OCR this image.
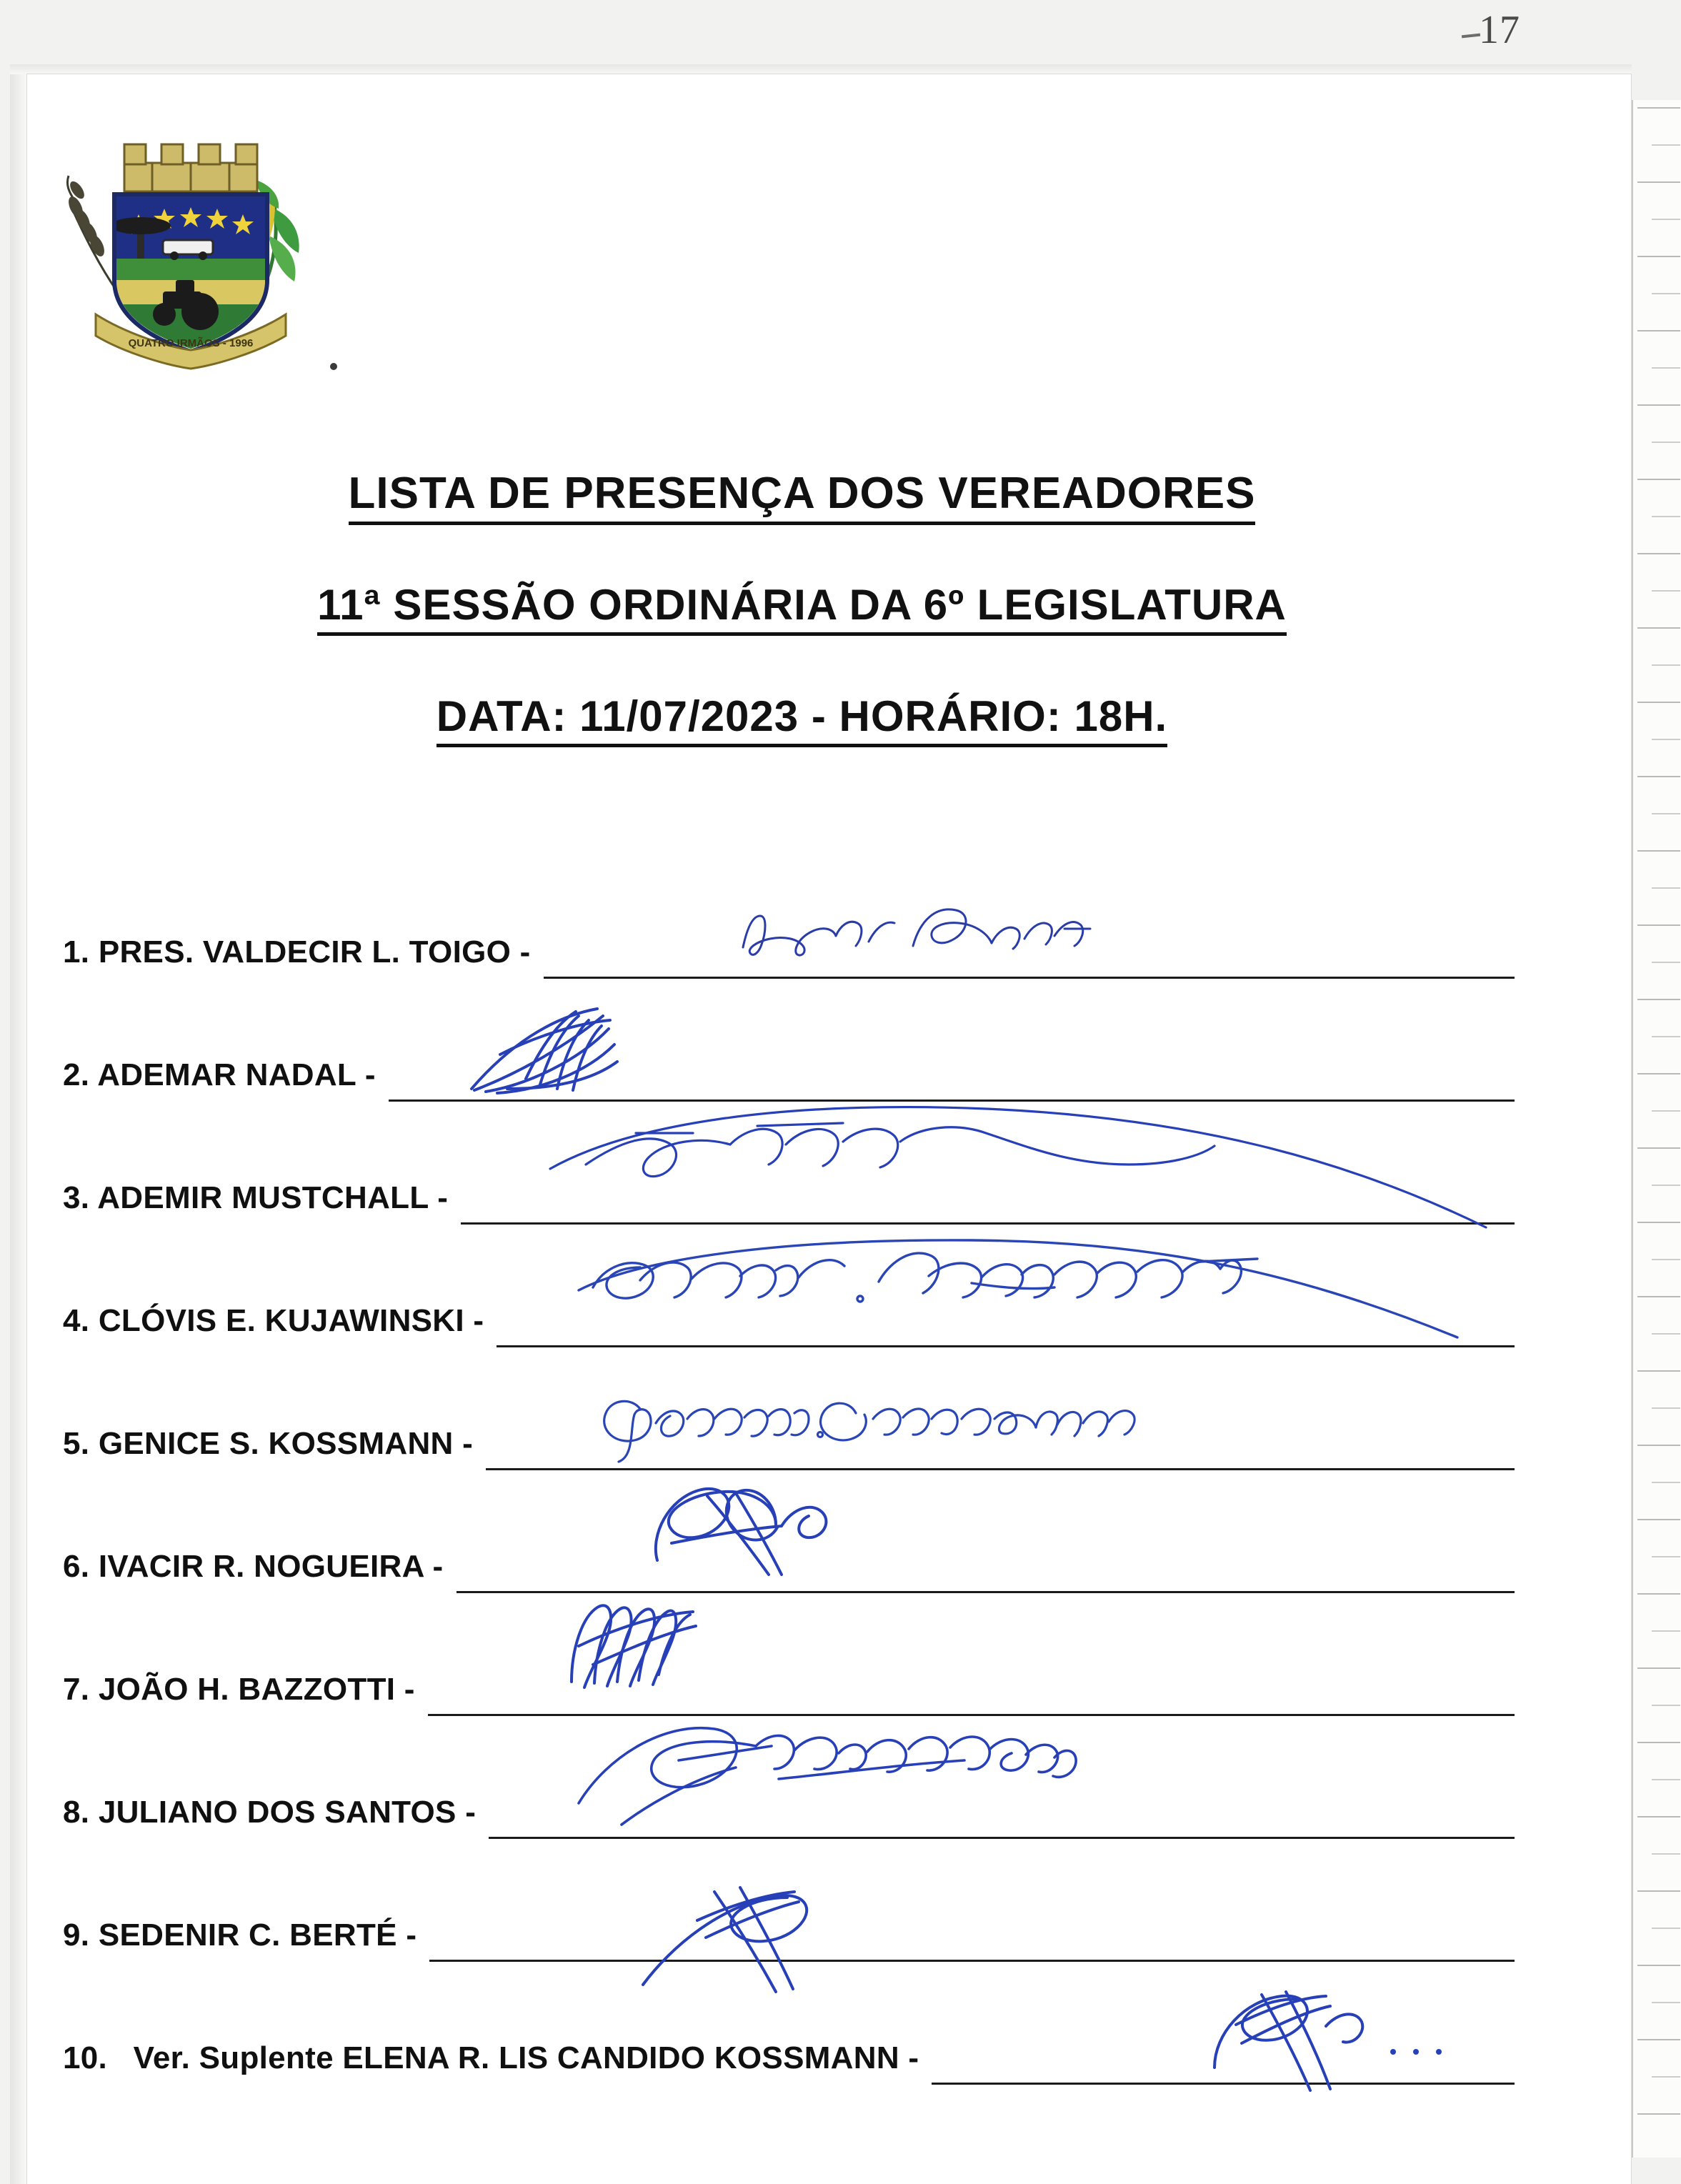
17
QUATRO IRMÃOS - 1996
LISTA DE PRESENÇA DOS VEREADORES
11ª SESSÃO ORDINÁRIA DA 6º LEGISLATURA
DATA: 11/07/2023 - HORÁRIO: 18H.
1. PRES. VALDECIR L. TOIGO -
2. ADEMAR NADAL -
3. ADEMIR MUSTCHALL -
4. CLÓVIS E. KUJAWINSKI -
5. GENICE S. KOSSMANN -
6. IVACIR R. NOGUEIRA -
7. JOÃO H. BAZZOTTI -
8. JULIANO DOS SANTOS -
9. SEDENIR C. BERTÉ -
10. Ver. Suplente ELENA R. LIS CANDIDO KOSSMANN -
